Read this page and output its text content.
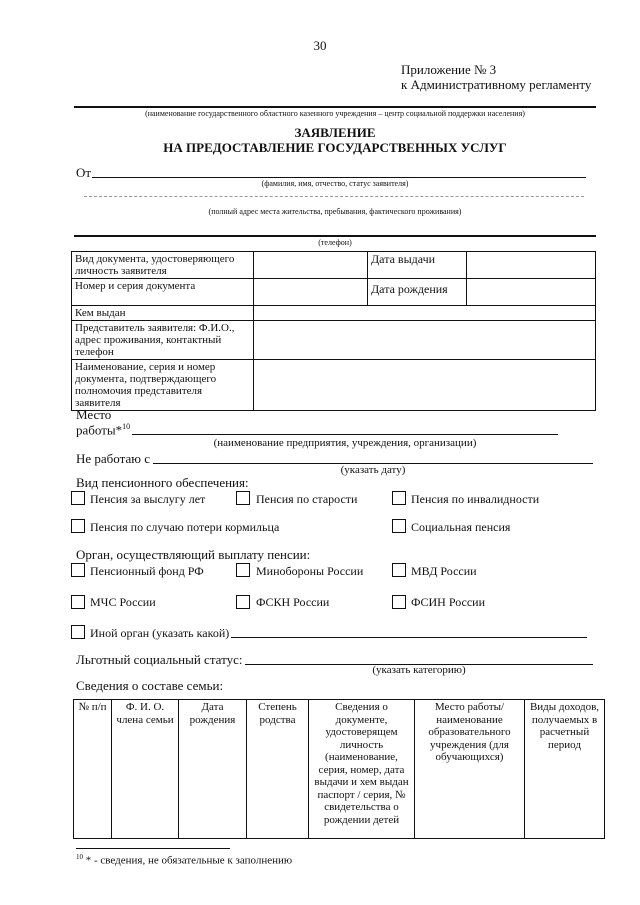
30
Приложение № 3
к Административному регламенту
(наименование государственного областного казенного учреждения – центр социальной поддержки населения)
ЗАЯВЛЕНИЕ
НА ПРЕДОСТАВЛЕНИЕ ГОСУДАРСТВЕННЫХ УСЛУГ
От
(фамилия, имя, отчество, статус заявителя)
(полный адрес места жительства, пребывания, фактического проживания)
(телефон)
Вид документа, удостоверяющего личность заявителя		Дата выдачи	
Номер и серия документа		Дата рождения	
Кем выдан			
Представитель заявителя: Ф.И.О., адрес проживания, контактный телефон			
Наименование, серия и номер документа, подтверждающего полномочия представителя заявителя			
Место
работы*$^{10}$
(наименование предприятия, учреждения, организации)
Не работаю с
(указать дату)
Вид пенсионного обеспечения:
Пенсия за выслугу лет	Пенсия по старости	Пенсия по инвалидности
Пенсия по случаю потери кормильца	Социальная пенсия
Орган, осуществляющий выплату пенсии:
Пенсионный фонд РФ	Минобороны России	МВД России
МЧС России	ФСКН России	ФСИН России
Иной орган (указать какой)
Льготный социальный статус:
(указать категорию)
Сведения о составе семьи:
№ п/п	Ф. И. О. члена семьи	Дата рождения	Степень родства	Сведения о документе, удостоверящем личность (наименование, серия, номер, дата выдачи и хем выдан паспорт / серия, № свидетельства о рождении детей	Место работы/ наименование образовательного учреждения (для обучающихся)	Виды доходов, получаемых в расчетный период
$^{10}$ * - сведения, не обязательные к заполнению
